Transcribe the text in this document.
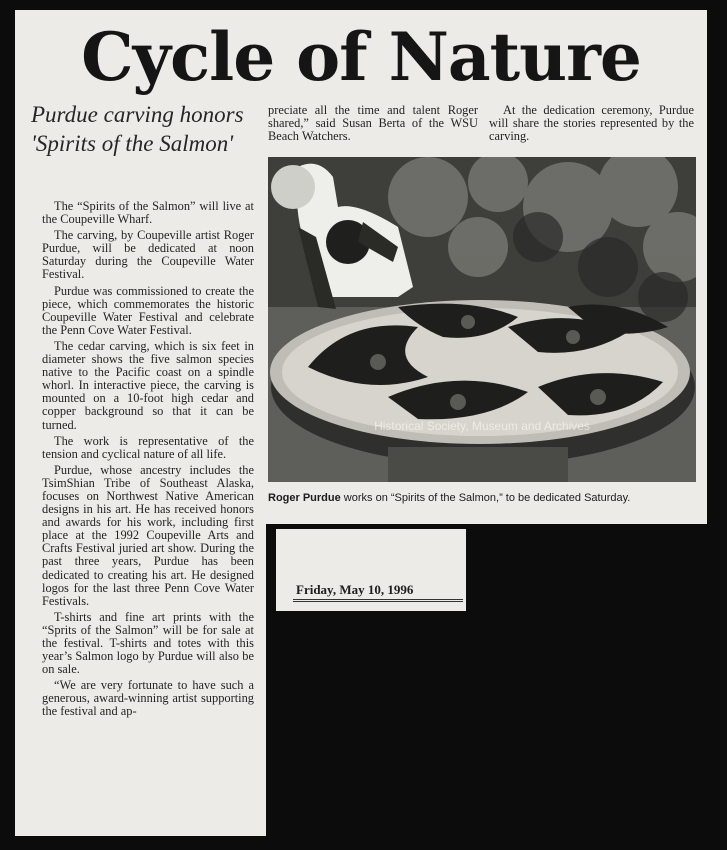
Cycle of Nature
Purdue carving honors 'Spirits of the Salmon'

The “Spirits of the Salmon” will live at the Coupeville Wharf.

The carving, by Coupeville artist Roger Purdue, will be dedicated at noon Saturday during the Coupeville Water Festival.

Purdue was commissioned to create the piece, which commemorates the historic Coupeville Water Festival and celebrate the Penn Cove Water Festival.

The cedar carving, which is six feet in diameter shows the five salmon species native to the Pacific coast on a spindle whorl. In interactive piece, the carving is mounted on a 10-foot high cedar and copper background so that it can be turned.

The work is representative of the tension and cyclical nature of all life.

Purdue, whose ancestry includes the TsimShian Tribe of Southeast Alaska, focuses on Northwest Native American designs in his art. He has received honors and awards for his work, including first place at the 1992 Coupeville Arts and Crafts Festival juried art show. During the past three years, Purdue has been dedicated to creating his art. He designed logos for the last three Penn Cove Water Festivals.

T-shirts and fine art prints with the “Sprits of the Salmon” will be for sale at the festival. T-shirts and totes with this year’s Salmon logo by Purdue will also be on sale.

“We are very fortunate to have such a generous, award-winning artist supporting the festival and ap-

preciate all the time and talent Roger shared,” said Susan Berta of the WSU Beach Watchers.

At the dedication ceremony, Purdue will share the stories represented by the carving.

Historical Society, Museum and Archives
Roger Purdue works on “Spirits of the Salmon,” to be dedicated Saturday.
Friday, May 10, 1996
